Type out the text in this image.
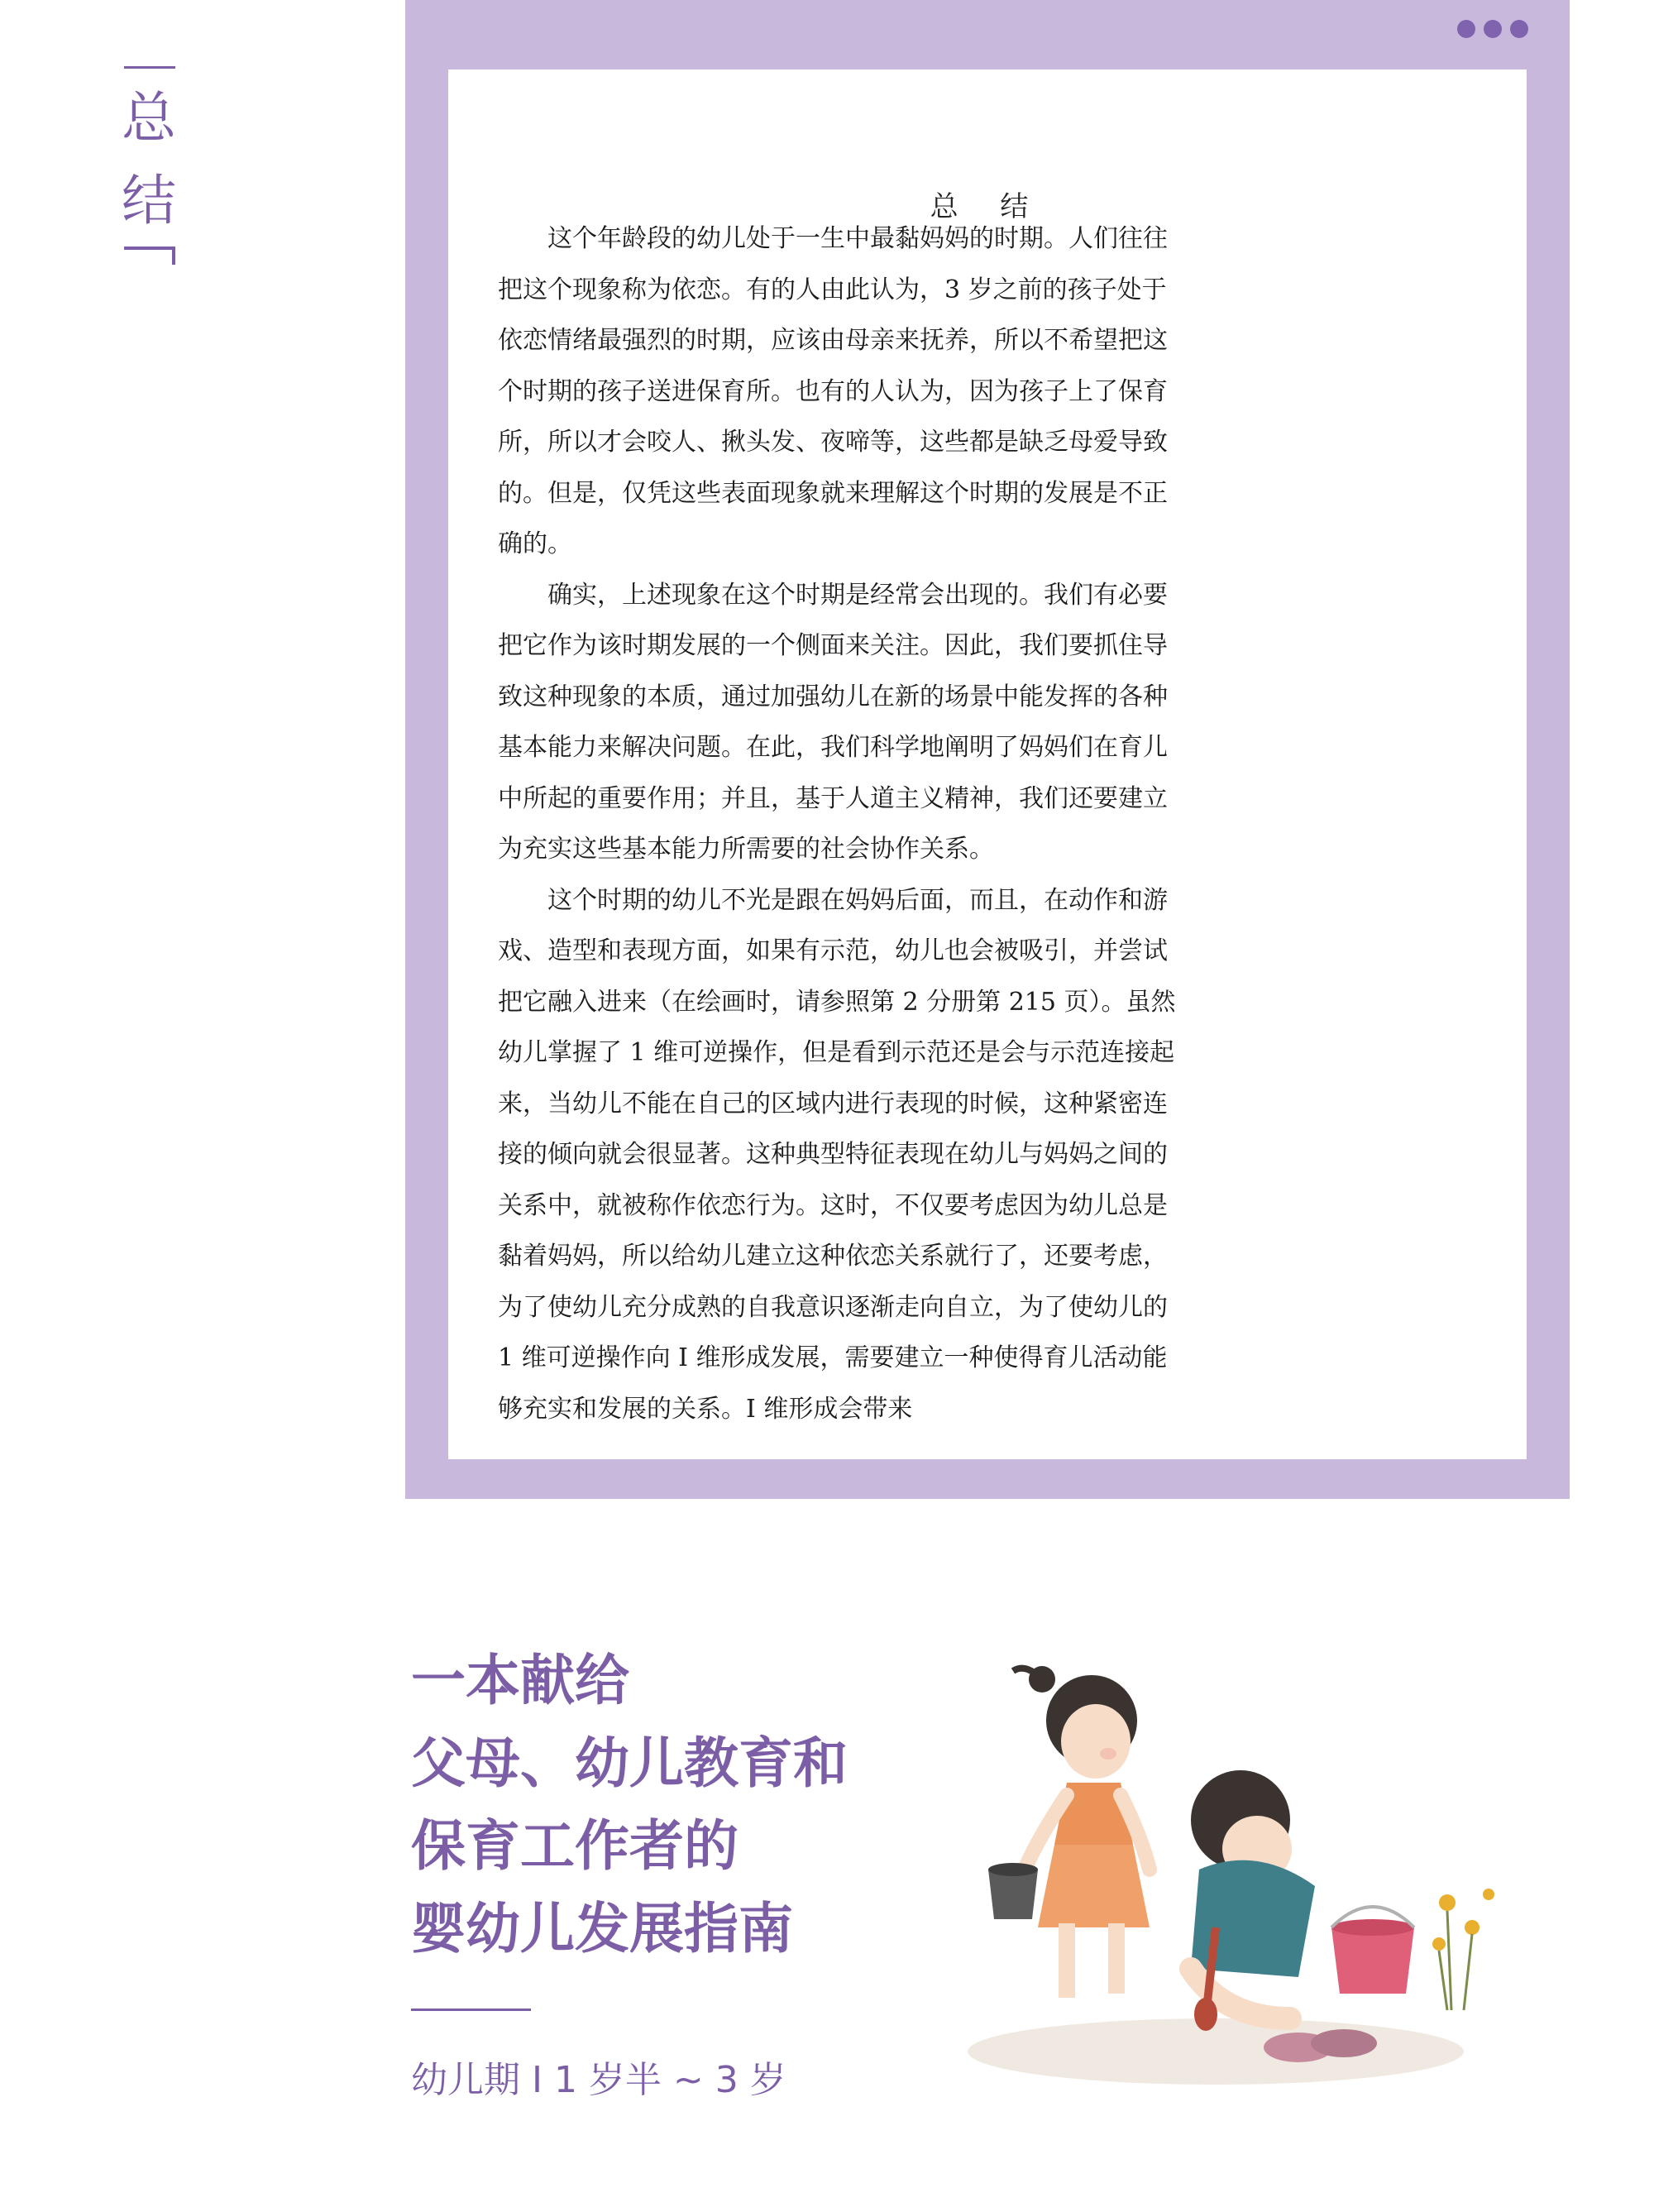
总
结	总 结

这个年龄段的幼儿处于一生中最黏妈妈的时期。人们往往把这个现象称为依恋。有的人由此认为，3 岁之前的孩子处于依恋情绪最强烈的时期，应该由母亲来抚养，所以不希望把这个时期的孩子送进保育所。也有的人认为，因为孩子上了保育所，所以才会咬人、揪头发、夜啼等，这些都是缺乏母爱导致的。但是，仅凭这些表面现象就来理解这个时期的发展是不正确的。

确实，上述现象在这个时期是经常会出现的。我们有必要把它作为该时期发展的一个侧面来关注。因此，我们要抓住导致这种现象的本质，通过加强幼儿在新的场景中能发挥的各种基本能力来解决问题。在此，我们科学地阐明了妈妈们在育儿中所起的重要作用；并且，基于人道主义精神，我们还要建立为充实这些基本能力所需要的社会协作关系。

这个时期的幼儿不光是跟在妈妈后面，而且，在动作和游戏、造型和表现方面，如果有示范，幼儿也会被吸引，并尝试把它融入进来（在绘画时，请参照第 2 分册第 215 页）。虽然幼儿掌握了 1 维可逆操作，但是看到示范还是会与示范连接起来，当幼儿不能在自己的区域内进行表现的时候，这种紧密连接的倾向就会很显著。这种典型特征表现在幼儿与妈妈之间的关系中，就被称作依恋行为。这时，不仅要考虑因为幼儿总是黏着妈妈，所以给幼儿建立这种依恋关系就行了，还要考虑，为了使幼儿充分成熟的自我意识逐渐走向自立，为了使幼儿的 1 维可逆操作向 I 维形成发展，需要建立一种使得育儿活动能够充实和发展的关系。I 维形成会带来

一本献给
父母、幼儿教育和
保育工作者的
婴幼儿发展指南
幼儿期 I 1 岁半 ~ 3 岁
